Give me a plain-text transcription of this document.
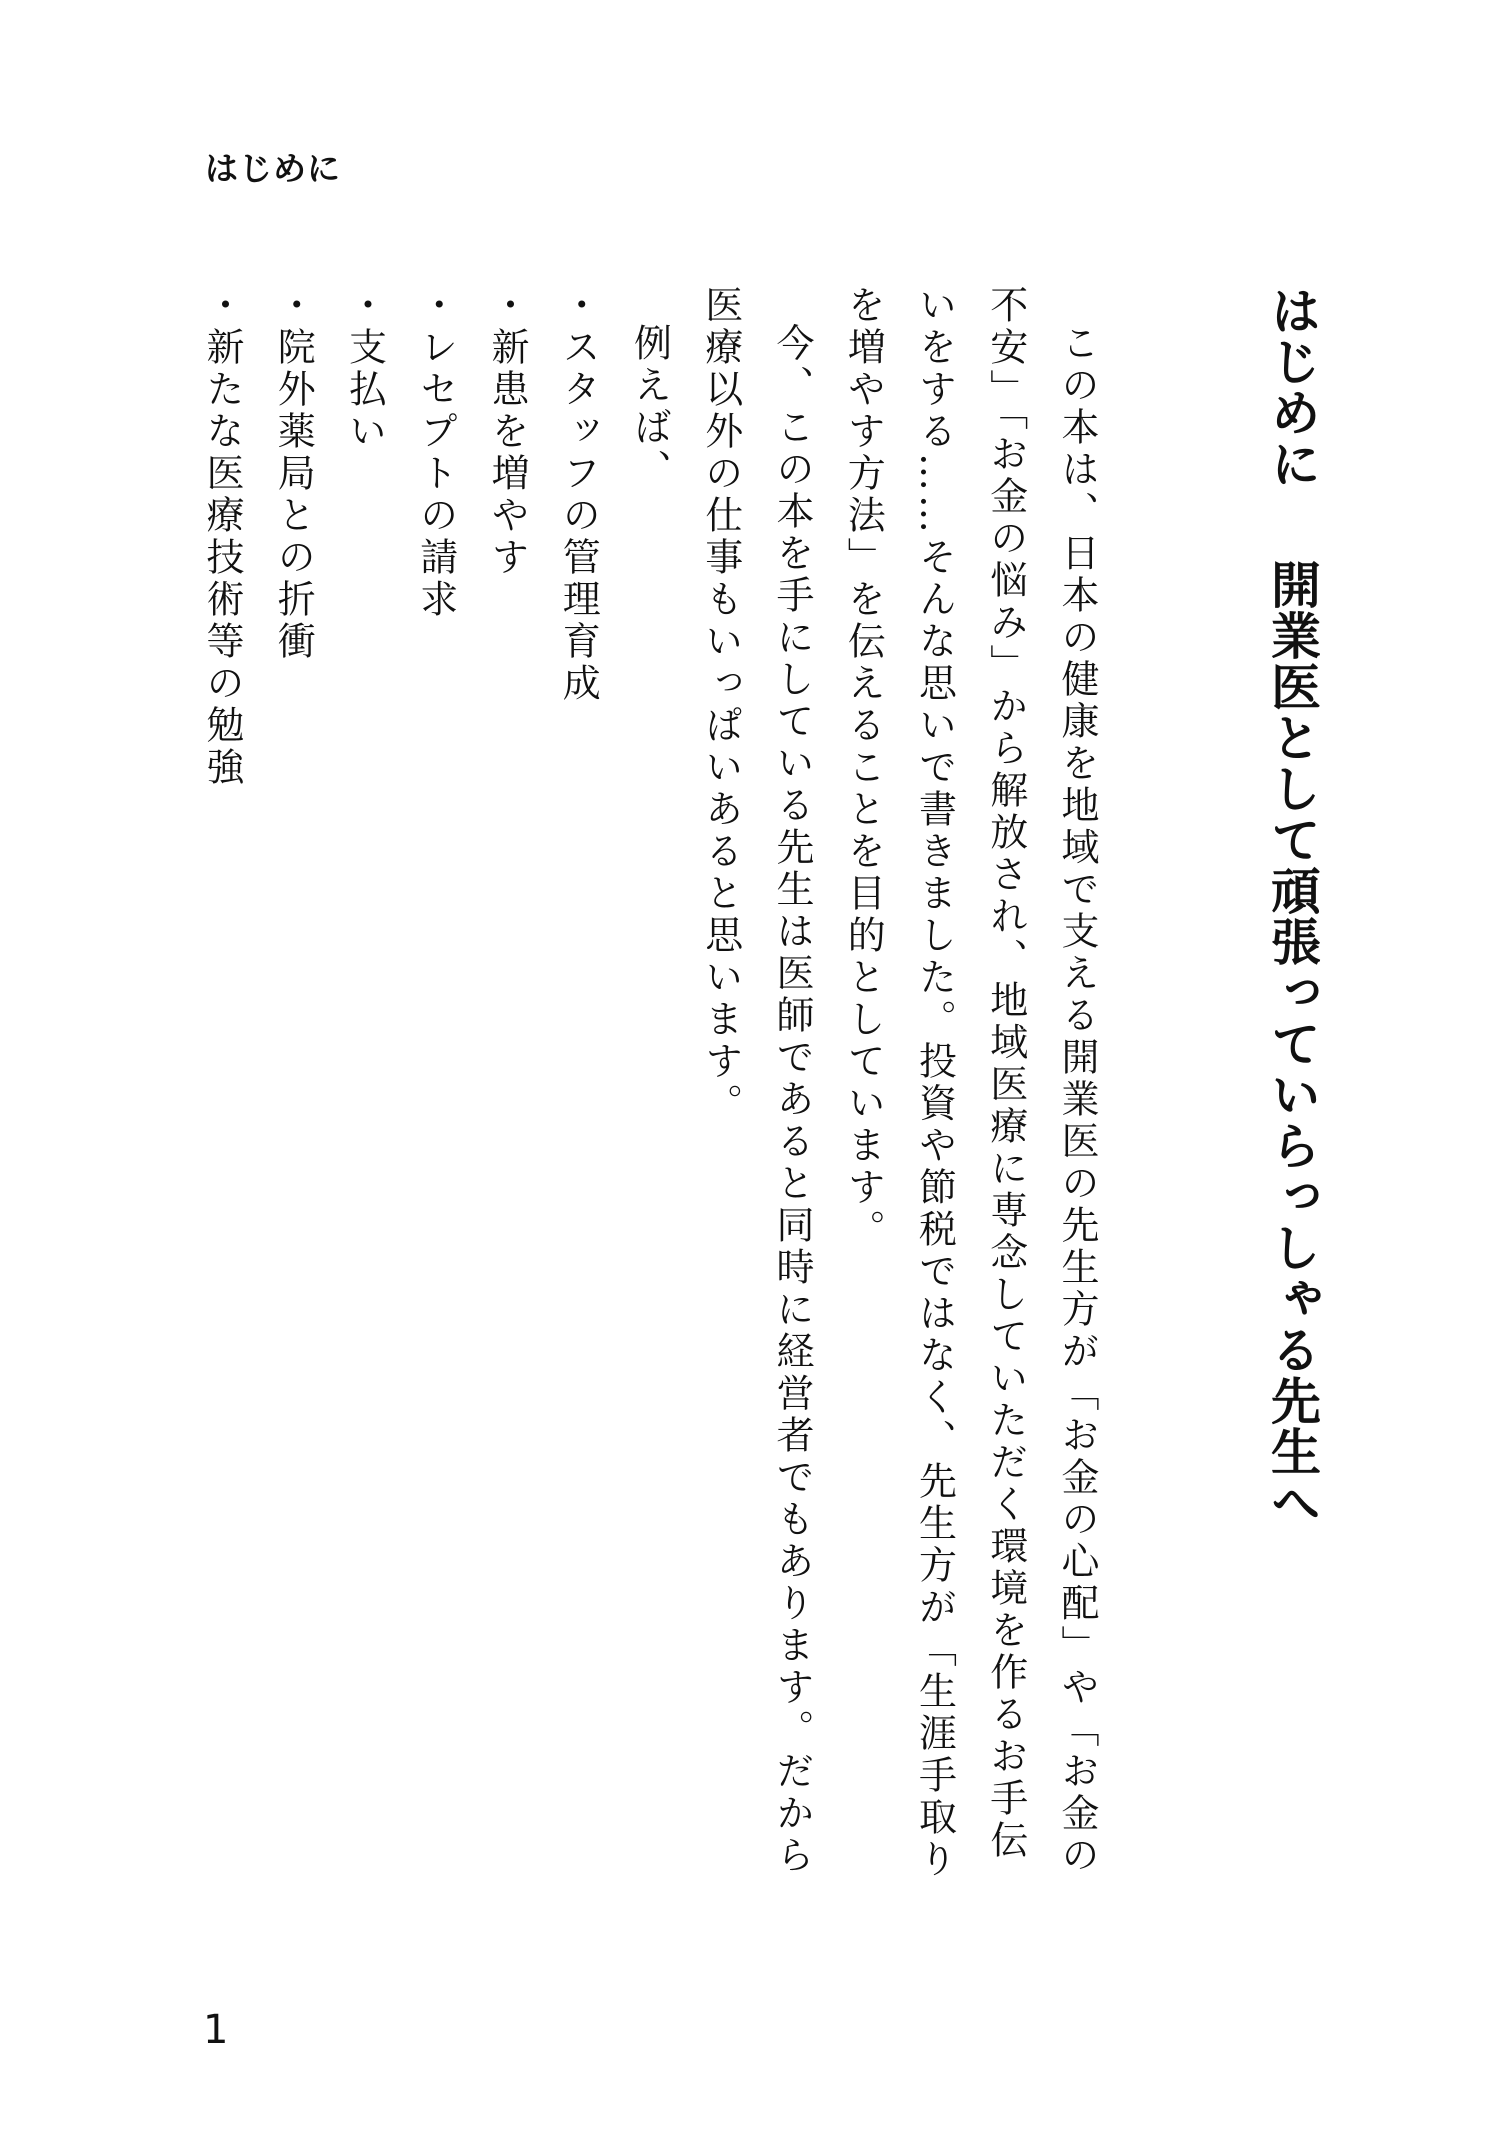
はじめに
はじめに開業医として頑張っていらっしゃる先生へ

この本は、日本の健康を地域で支える開業医の先生方が「お金の心配」や「お金の不安」「お金の悩み」から解放され、地域医療に専念していただく環境を作るお手伝いをする……そんな思いで書きました。投資や節税ではなく、先生方が「生涯手取りを増やす方法」を伝えることを目的としています。

今、この本を手にしている先生は医師であると同時に経営者でもあります。だから医療以外の仕事もいっぱいあると思います。

例えば、

・ スタッフの管理育成
・ 新患を増やす
・ レセプトの請求
・ 支払い
・ 院外薬局との折衝
・ 新たな医療技術等の勉強
1
